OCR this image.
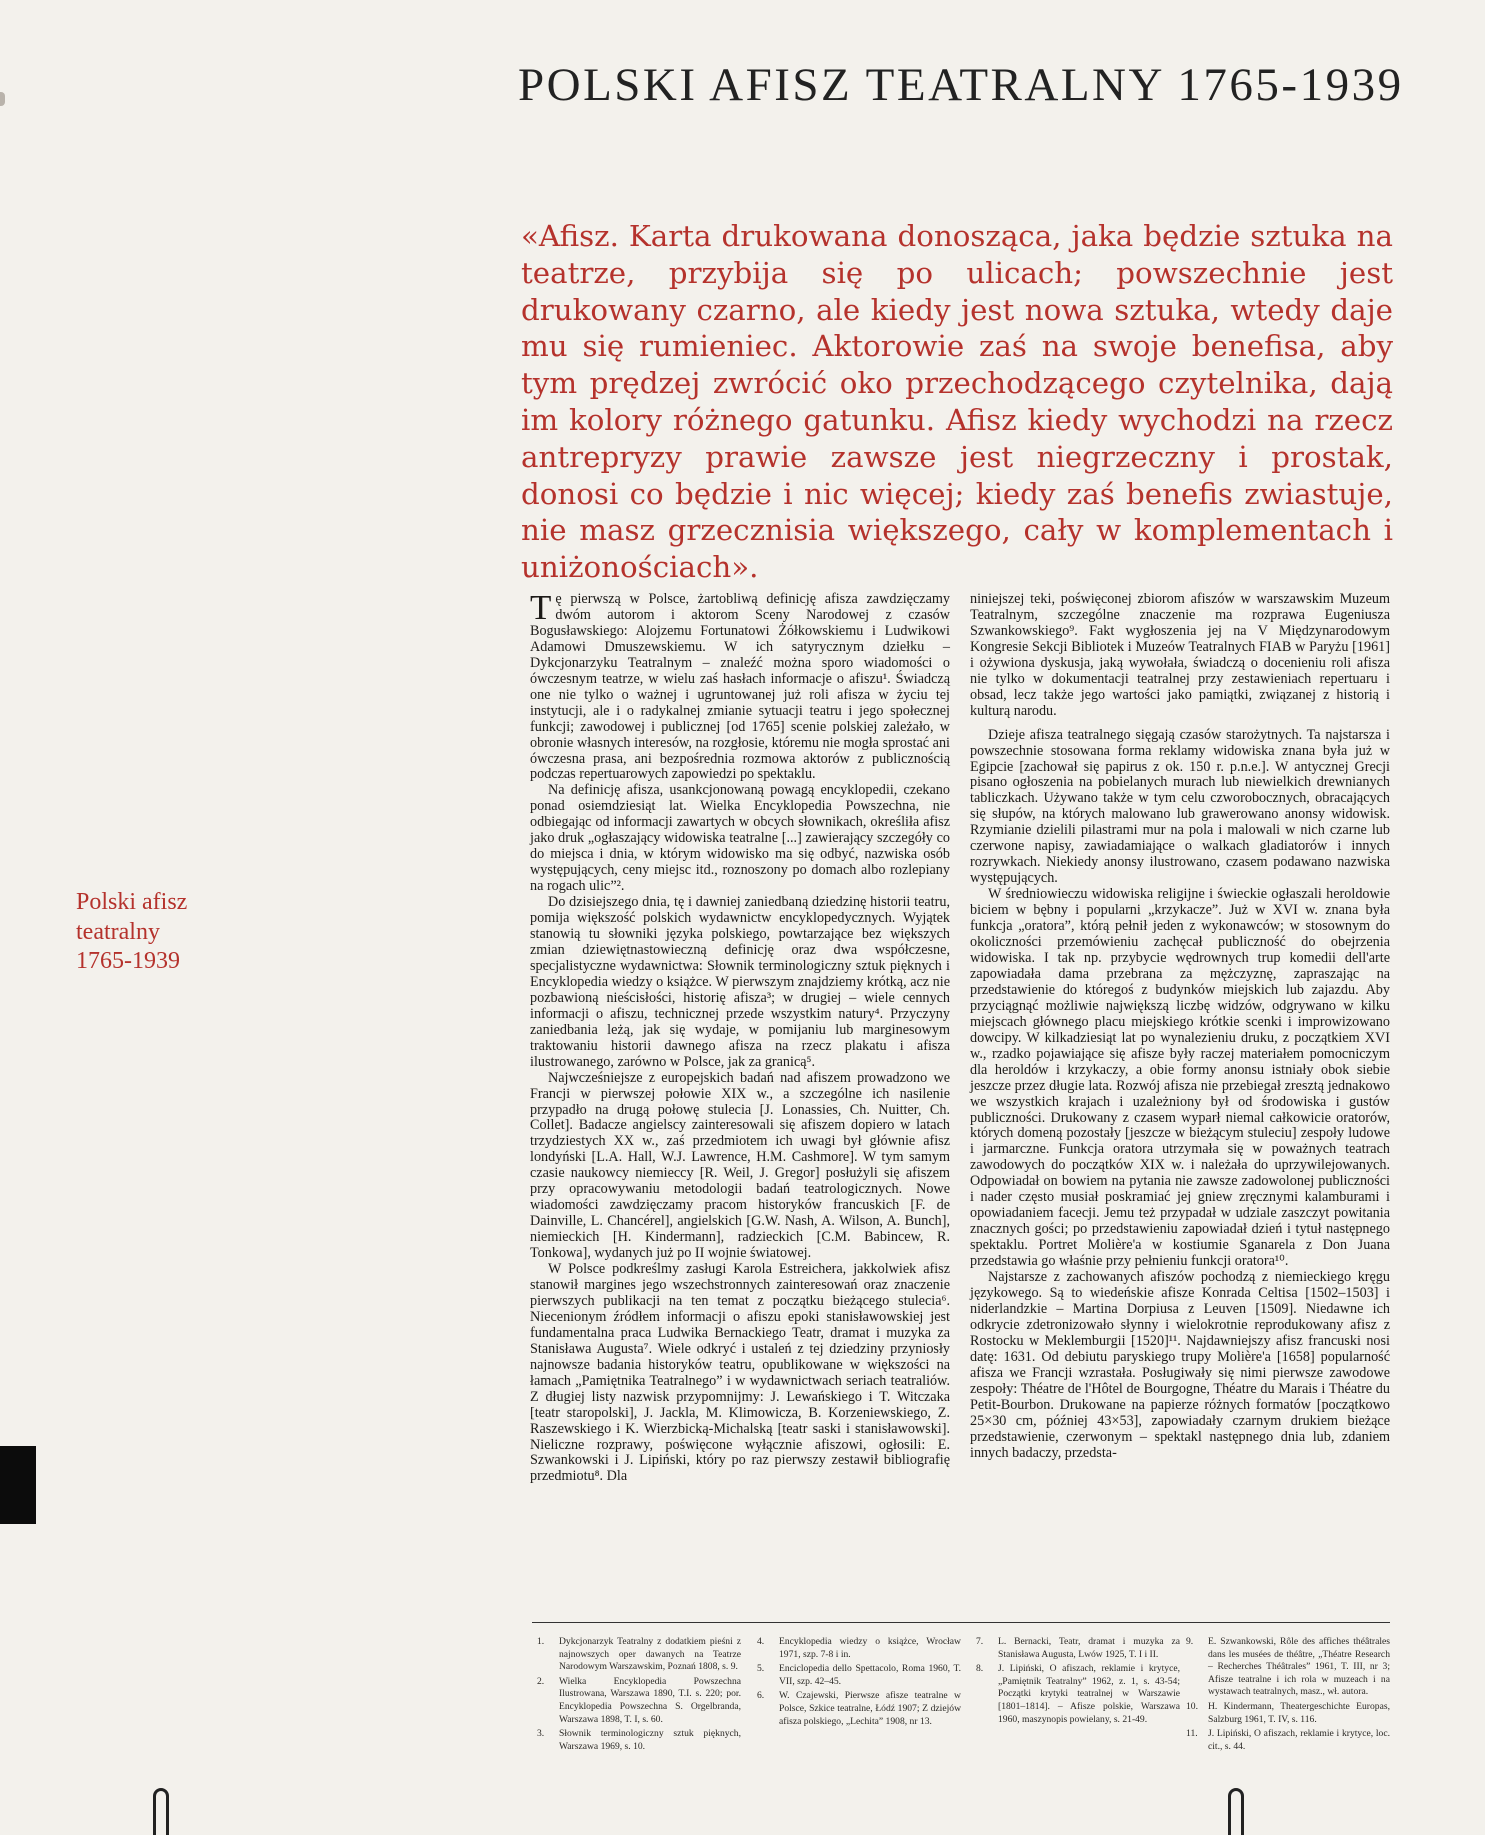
POLSKI AFISZ TEATRALNY 1765-1939

«Afisz. Karta drukowana donosząca, jaka będzie sztuka na teatrze, przybija się po ulicach; powszechnie jest drukowany czarno, ale kiedy jest nowa sztuka, wtedy daje mu się rumieniec. Aktorowie zaś na swoje benefisa, aby tym prędzej zwrócić oko przechodzącego czytelnika, dają im kolory różnego gatunku. Afisz kiedy wychodzi na rzecz antrepryzy prawie zawsze jest niegrzeczny i prostak, donosi co będzie i nic więcej; kiedy zaś benefis zwiastuje, nie masz grzecznisia większego, cały w komplementach i uniżonościach».

Polski afisz
teatralny
1765-1939

Tę pierwszą w Polsce, żartobliwą definicję afisza zawdzięczamy dwóm autorom i aktorom Sceny Narodowej z czasów Bogusławskiego: Alojzemu Fortunatowi Żółkowskiemu i Ludwikowi Adamowi Dmuszewskiemu. W ich satyrycznym dziełku – Dykcjonarzyku Teatralnym – znaleźć można sporo wiadomości o ówczesnym teatrze, w wielu zaś hasłach informacje o afiszu¹. Świadczą one nie tylko o ważnej i ugruntowanej już roli afisza w życiu tej instytucji, ale i o radykalnej zmianie sytuacji teatru i jego społecznej funkcji; zawodowej i publicznej [od 1765] scenie polskiej zależało, w obronie własnych interesów, na rozgłosie, któremu nie mogła sprostać ani ówczesna prasa, ani bezpośrednia rozmowa aktorów z publicznością podczas repertuarowych zapowiedzi po spektaklu.

Na definicję afisza, usankcjonowaną powagą encyklopedii, czekano ponad osiemdziesiąt lat. Wielka Encyklopedia Powszechna, nie odbiegając od informacji zawartych w obcych słownikach, określiła afisz jako druk „ogłaszający widowiska teatralne [...] zawierający szczegóły co do miejsca i dnia, w którym widowisko ma się odbyć, nazwiska osób występujących, ceny miejsc itd., roznoszony po domach albo rozlepiany na rogach ulic”².

Do dzisiejszego dnia, tę i dawniej zaniedbaną dziedzinę historii teatru, pomija większość polskich wydawnictw encyklopedycznych. Wyjątek stanowią tu słowniki języka polskiego, powtarzające bez większych zmian dziewiętnastowieczną definicję oraz dwa współczesne, specjalistyczne wydawnictwa: Słownik terminologiczny sztuk pięknych i Encyklopedia wiedzy o książce. W pierwszym znajdziemy krótką, acz nie pozbawioną nieścisłości, historię afisza³; w drugiej – wiele cennych informacji o afiszu, technicznej przede wszystkim natury⁴. Przyczyny zaniedbania leżą, jak się wydaje, w pomijaniu lub marginesowym traktowaniu historii dawnego afisza na rzecz plakatu i afisza ilustrowanego, zarówno w Polsce, jak za granicą⁵.

Najwcześniejsze z europejskich badań nad afiszem prowadzono we Francji w pierwszej połowie XIX w., a szczególne ich nasilenie przypadło na drugą połowę stulecia [J. Lonassies, Ch. Nuitter, Ch. Collet]. Badacze angielscy zainteresowali się afiszem dopiero w latach trzydziestych XX w., zaś przedmiotem ich uwagi był głównie afisz londyński [L.A. Hall, W.J. Lawrence, H.M. Cashmore]. W tym samym czasie naukowcy niemieccy [R. Weil, J. Gregor] posłużyli się afiszem przy opracowywaniu metodologii badań teatrologicznych. Nowe wiadomości zawdzięczamy pracom historyków francuskich [F. de Dainville, L. Chancérel], angielskich [G.W. Nash, A. Wilson, A. Bunch], niemieckich [H. Kindermann], radzieckich [C.M. Babincew, R. Tonkowa], wydanych już po II wojnie światowej.

W Polsce podkreślmy zasługi Karola Estreichera, jakkolwiek afisz stanowił margines jego wszechstronnych zainteresowań oraz znaczenie pierwszych publikacji na ten temat z początku bieżącego stulecia⁶. Niecenionym źródłem informacji o afiszu epoki stanisławowskiej jest fundamentalna praca Ludwika Bernackiego Teatr, dramat i muzyka za Stanisława Augusta⁷. Wiele odkryć i ustaleń z tej dziedziny przyniosły najnowsze badania historyków teatru, opublikowane w większości na łamach „Pamiętnika Teatralnego” i w wydawnictwach seriach teatraliów. Z długiej listy nazwisk przypomnijmy: J. Lewańskiego i T. Witczaka [teatr staropolski], J. Jackla, M. Klimowicza, B. Korzeniewskiego, Z. Raszewskiego i K. Wierzbicką-Michalską [teatr saski i stanisławowski]. Nieliczne rozprawy, poświęcone wyłącznie afiszowi, ogłosili: E. Szwankowski i J. Lipiński, który po raz pierwszy zestawił bibliografię przedmiotu⁸. Dla

niniejszej teki, poświęconej zbiorom afiszów w warszawskim Muzeum Teatralnym, szczególne znaczenie ma rozprawa Eugeniusza Szwankowskiego⁹. Fakt wygłoszenia jej na V Międzynarodowym Kongresie Sekcji Bibliotek i Muzeów Teatralnych FIAB w Paryżu [1961] i ożywiona dyskusja, jaką wywołała, świadczą o docenieniu roli afisza nie tylko w dokumentacji teatralnej przy zestawieniach repertuaru i obsad, lecz także jego wartości jako pamiątki, związanej z historią i kulturą narodu.

Dzieje afisza teatralnego sięgają czasów starożytnych. Ta najstarsza i powszechnie stosowana forma reklamy widowiska znana była już w Egipcie [zachował się papirus z ok. 150 r. p.n.e.]. W antycznej Grecji pisano ogłoszenia na pobielanych murach lub niewielkich drewnianych tabliczkach. Używano także w tym celu czworobocznych, obracających się słupów, na których malowano lub grawerowano anonsy widowisk. Rzymianie dzielili pilastrami mur na pola i malowali w nich czarne lub czerwone napisy, zawiadamiające o walkach gladiatorów i innych rozrywkach. Niekiedy anonsy ilustrowano, czasem podawano nazwiska występujących.

W średniowieczu widowiska religijne i świeckie ogłaszali heroldowie biciem w bębny i popularni „krzykacze”. Już w XVI w. znana była funkcja „oratora”, którą pełnił jeden z wykonawców; w stosownym do okoliczności przemówieniu zachęcał publiczność do obejrzenia widowiska. I tak np. przybycie wędrownych trup komedii dell'arte zapowiadała dama przebrana za mężczyznę, zapraszając na przedstawienie do któregoś z budynków miejskich lub zajazdu. Aby przyciągnąć możliwie największą liczbę widzów, odgrywano w kilku miejscach głównego placu miejskiego krótkie scenki i improwizowano dowcipy. W kilkadziesiąt lat po wynalezieniu druku, z początkiem XVI w., rzadko pojawiające się afisze były raczej materiałem pomocniczym dla heroldów i krzykaczy, a obie formy anonsu istniały obok siebie jeszcze przez długie lata. Rozwój afisza nie przebiegał zresztą jednakowo we wszystkich krajach i uzależniony był od środowiska i gustów publiczności. Drukowany z czasem wyparł niemal całkowicie oratorów, których domeną pozostały [jeszcze w bieżącym stuleciu] zespoły ludowe i jarmarczne. Funkcja oratora utrzymała się w poważnych teatrach zawodowych do początków XIX w. i należała do uprzywilejowanych. Odpowiadał on bowiem na pytania nie zawsze zadowolonej publiczności i nader często musiał poskramiać jej gniew zręcznymi kalamburami i opowiadaniem facecji. Jemu też przypadał w udziale zaszczyt powitania znacznych gości; po przedstawieniu zapowiadał dzień i tytuł następnego spektaklu. Portret Molière'a w kostiumie Sganarela z Don Juana przedstawia go właśnie przy pełnieniu funkcji oratora¹⁰.

Najstarsze z zachowanych afiszów pochodzą z niemieckiego kręgu językowego. Są to wiedeńskie afisze Konrada Celtisa [1502–1503] i niderlandzkie – Martina Dorpiusa z Leuven [1509]. Niedawne ich odkrycie zdetronizowało słynny i wielokrotnie reprodukowany afisz z Rostocku w Meklemburgii [1520]¹¹. Najdawniejszy afisz francuski nosi datę: 1631. Od debiutu paryskiego trupy Molière'a [1658] popularność afisza we Francji wzrastała. Posługiwały się nimi pierwsze zawodowe zespoły: Théatre de l'Hôtel de Bourgogne, Théatre du Marais i Théatre du Petit-Bourbon. Drukowane na papierze różnych formatów [początkowo 25×30 cm, później 43×53], zapowiadały czarnym drukiem bieżące przedstawienie, czerwonym – spektakl następnego dnia lub, zdaniem innych badaczy, przedsta-

1.	Dykcjonarzyk Teatralny z dodatkiem pieśni z najnowszych oper dawanych na Teatrze Narodowym Warszawskim, Poznań 1808, s. 9.
2.	Wielka Encyklopedia Powszechna Ilustrowana, Warszawa 1890, T.I. s. 220; por. Encyklopedia Powszechna S. Orgelbranda, Warszawa 1898, T. I, s. 60.
3.	Słownik terminologiczny sztuk pięknych, Warszawa 1969, s. 10.
4.	Encyklopedia wiedzy o książce, Wrocław 1971, szp. 7-8 i in.
5.	Enciclopedia dello Spettacolo, Roma 1960, T. VII, szp. 42–45.
6.	W. Czajewski, Pierwsze afisze teatralne w Polsce, Szkice teatralne, Łódź 1907; Z dziejów afisza polskiego, „Lechita” 1908, nr 13.
7.	L. Bernacki, Teatr, dramat i muzyka za Stanisława Augusta, Lwów 1925, T. I i II.
8.	J. Lipiński, O afiszach, reklamie i krytyce, „Pamiętnik Teatralny” 1962, z. 1, s. 43-54; Początki krytyki teatralnej w Warszawie [1801–1814]. – Afisze polskie, Warszawa 1960, maszynopis powielany, s. 21-49.
9.	E. Szwankowski, Rôle des affiches théâtrales dans les musées de théâtre, „Théatre Research – Recherches Théâtrales” 1961, T. III, nr 3; Afisze teatralne i ich rola w muzeach i na wystawach teatralnych, masz., wł. autora.
10.	H. Kindermann, Theatergeschichte Europas, Salzburg 1961, T. IV, s. 116.
11.	J. Lipiński, O afiszach, reklamie i krytyce, loc. cit., s. 44.
